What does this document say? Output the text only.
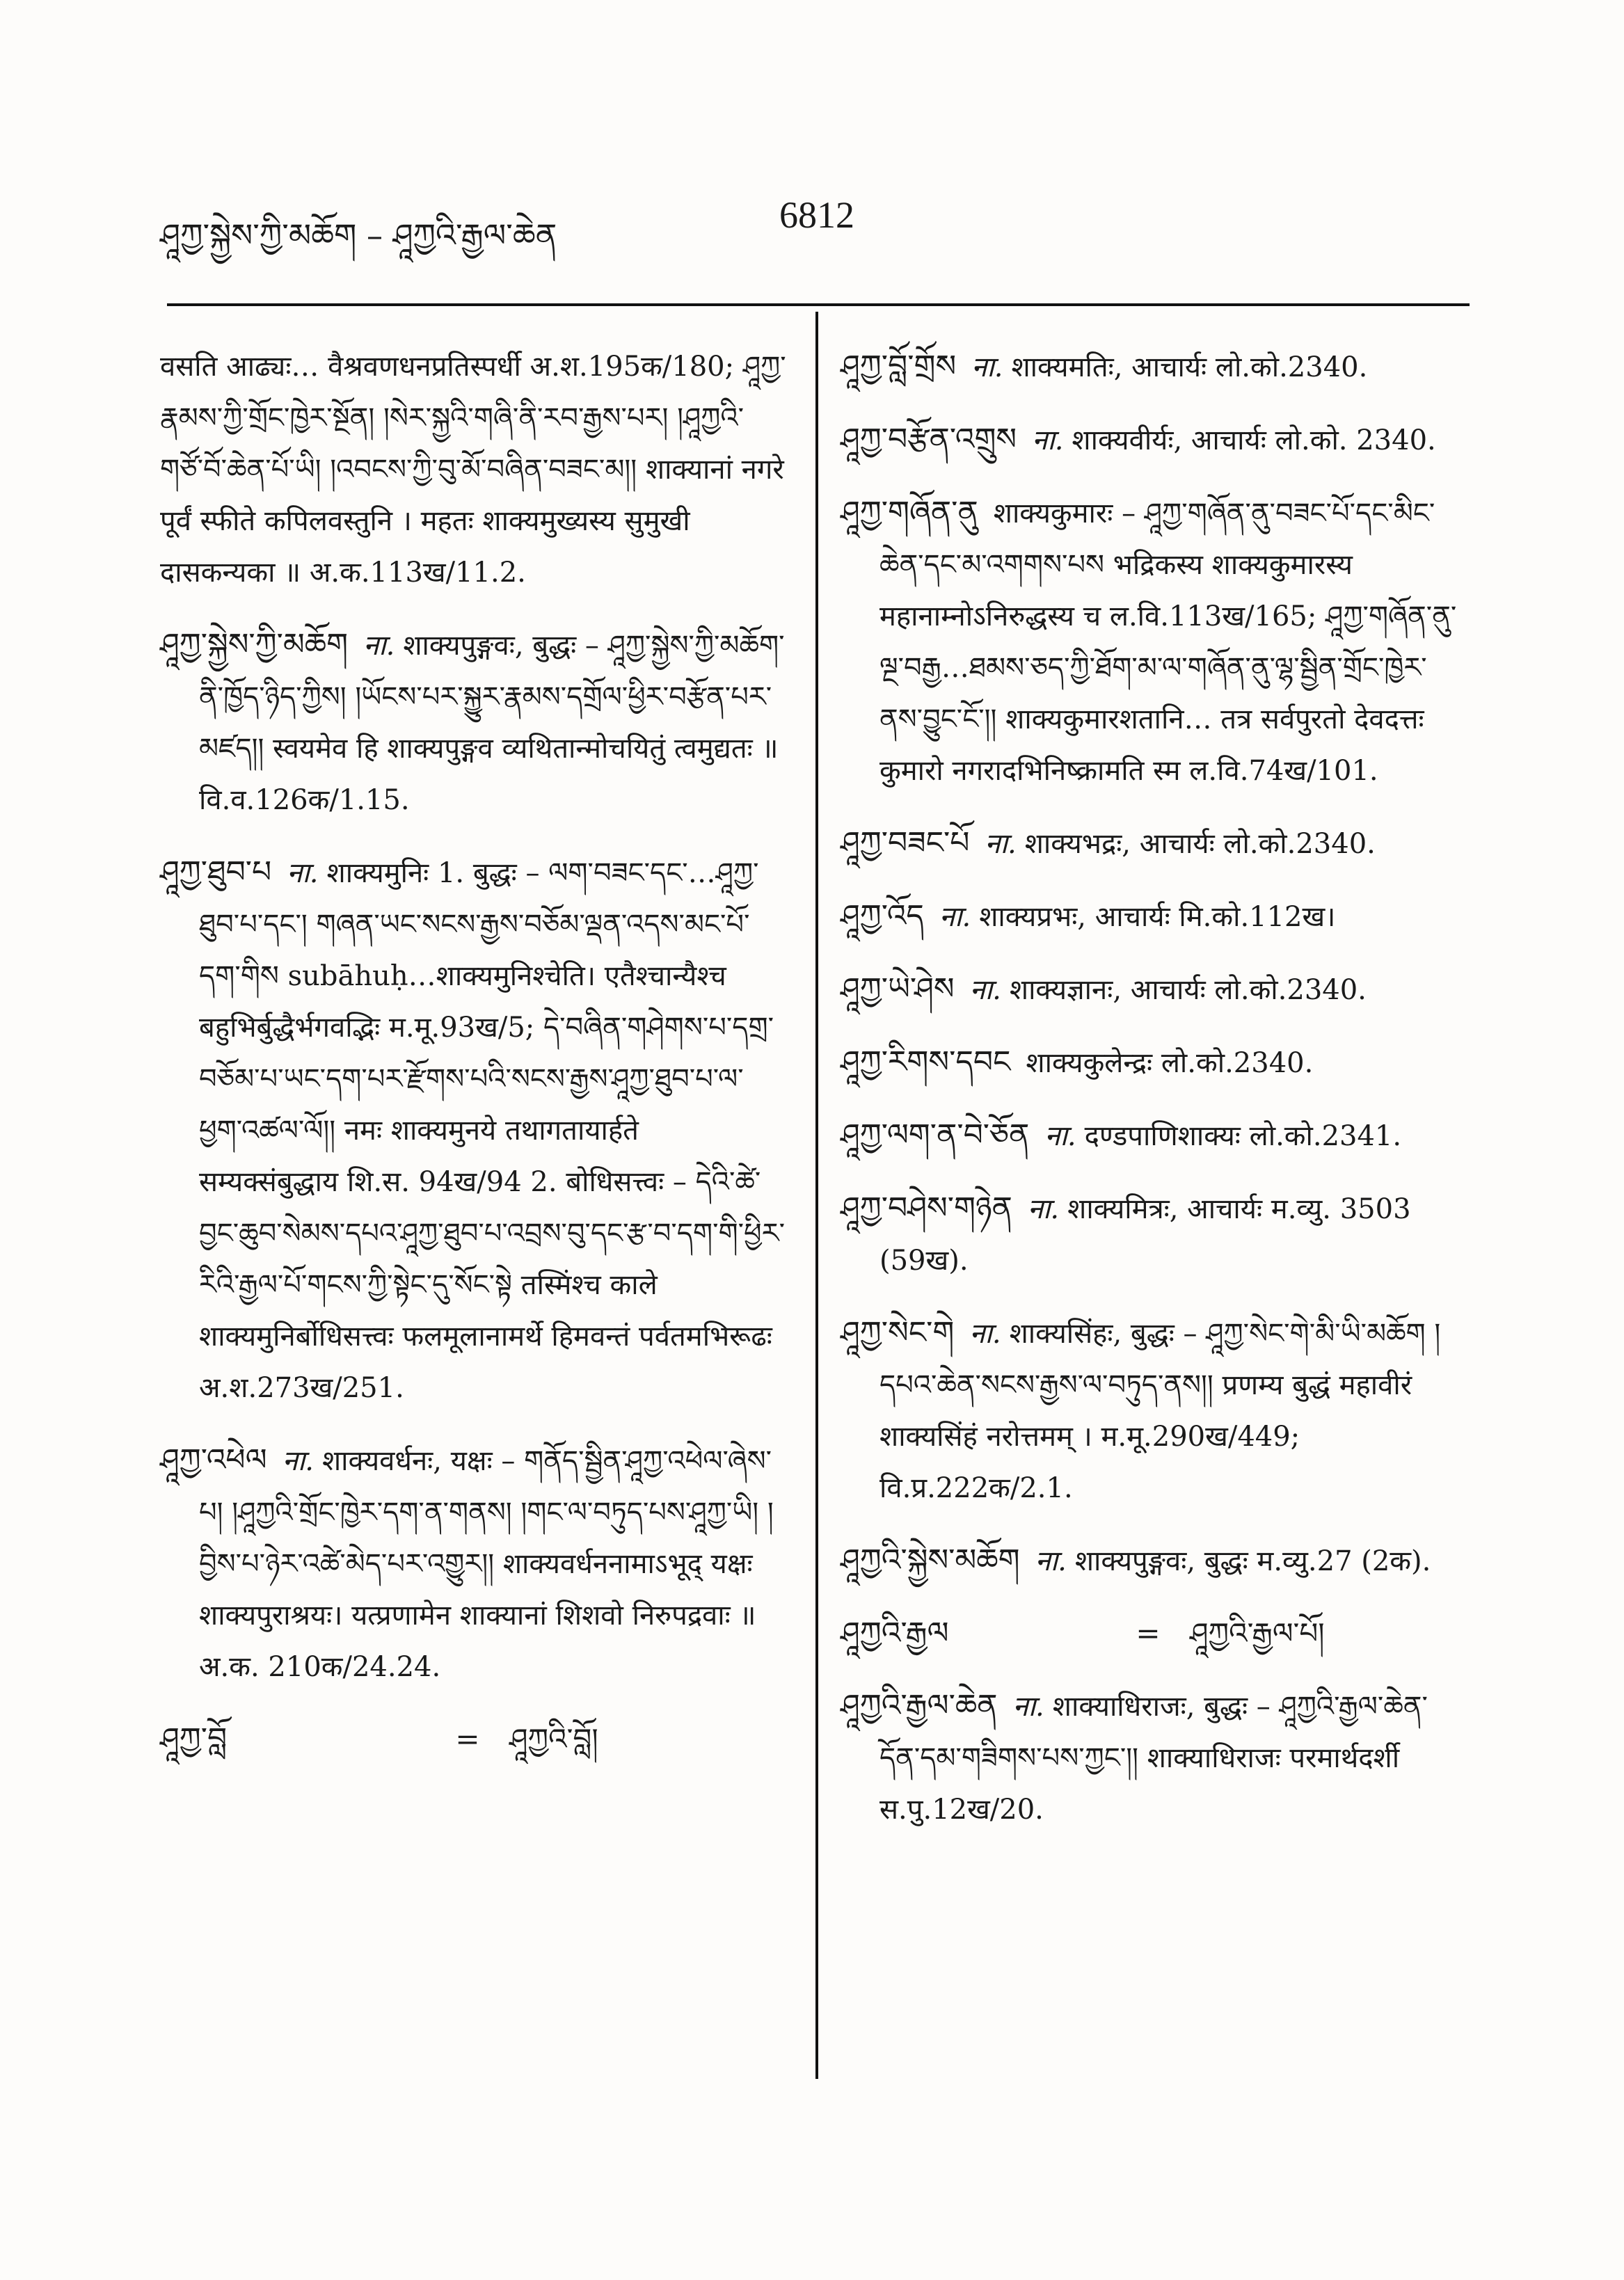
ཤཱཀྱ་སྐྱེས་ཀྱི་མཆོག – ཤཱཀྱའི་རྒྱལ་ཆེན	6812

वसति आढ्यः… वैश्रवणधनप्रतिस्पर्धी अ.श.195क/180; ཤཱཀྱ་རྣམས་ཀྱི་གྲོང་ཁྱེར་སྔོན། །སེར་སྐྱའི་གཞི་ནི་རབ་རྒྱས་པར། །ཤཱཀྱའི་གཙོ་བོ་ཆེན་པོ་ཡི། །འབངས་ཀྱི་བུ་མོ་བཞིན་བཟང་མ།། शाक्यानां नगरे पूर्वं स्फीते कपिलवस्तुनि । महतः शाक्यमुख्यस्य सुमुखी दासकन्यका ॥ अ.क.113ख/11.2.

ཤཱཀྱ་སྐྱེས་ཀྱི་མཆོག ना. शाक्यपुङ्गवः, बुद्धः – ཤཱཀྱ་སྐྱེས་ཀྱི་མཆོག་ནི་ཁྱོད་ཉིད་ཀྱིས། །ཡོངས་པར་སྐྱུར་རྣམས་དགྲོལ་ཕྱིར་བརྩོན་པར་མཛད།། स्वयमेव हि शाक्यपुङ्गव व्यथितान्मोचयितुं त्वमुद्यतः ॥ वि.व.126क/1.15.

ཤཱཀྱ་ཐུབ་པ ना. शाक्यमुनिः 1. बुद्धः – ལག་བཟང་དང་…ཤཱཀྱ་ཐུབ་པ་དང་། གཞན་ཡང་སངས་རྒྱས་བཅོམ་ལྡན་འདས་མང་པོ་དག་གིས subāhuḥ…शाक्यमुनिश्चेति। एतैश्चान्यैश्च बहुभिर्बुद्धैर्भगवद्भिः म.मू.93ख/5; དེ་བཞིན་གཤེགས་པ་དགྲ་བཅོམ་པ་ཡང་དག་པར་རྫོགས་པའི་སངས་རྒྱས་ཤཱཀྱ་ཐུབ་པ་ལ་ཕྱག་འཚལ་ལོ།། नमः शाक्यमुनये तथागतायार्हते सम्यक्संबुद्धाय शि.स. 94ख/94 2. बोधिसत्त्वः – དེའི་ཚེ་བྱང་ཆུབ་སེམས་དཔའ་ཤཱཀྱ་ཐུབ་པ་འབྲས་བུ་དང་རྩ་བ་དག་གི་ཕྱིར་རིའི་རྒྱལ་པོ་གངས་ཀྱི་སྟེང་དུ་སོང་སྟེ तस्मिंश्च काले शाक्यमुनिर्बोधिसत्त्वः फलमूलानामर्थे हिमवन्तं पर्वतमभिरूढः अ.श.273ख/251.

ཤཱཀྱ་འཕེལ ना. शाक्यवर्धनः, यक्षः – གནོད་སྦྱིན་ཤཱཀྱ་འཕེལ་ཞེས་པ། །ཤཱཀྱའི་གྲོང་ཁྱེར་དག་ན་གནས། །གང་ལ་བཏུད་པས་ཤཱཀྱ་ཡི། །བྱིས་པ་ཉེར་འཚེ་མེད་པར་འགྱུར།། शाक्यवर्धननामाऽभूद् यक्षः शाक्यपुराश्रयः। यत्प्रणामेन शाक्यानां शिशवो निरुपद्रवाः ॥ अ.क. 210क/24.24.

ཤཱཀྱ་བློ	=	ཤཱཀྱའི་བློ།

ཤཱཀྱ་བློ་གྲོས ना. शाक्यमतिः, आचार्यः लो.को.2340.

ཤཱཀྱ་བརྩོན་འགྲུས ना. शाक्यवीर्यः, आचार्यः लो.को. 2340.

ཤཱཀྱ་གཞོན་ནུ शाक्यकुमारः – ཤཱཀྱ་གཞོན་ནུ་བཟང་པོ་དང་མིང་ཆེན་དང་མ་འགགས་པས भद्रिकस्य शाक्यकुमारस्य महानाम्नोऽनिरुद्धस्य च ल.वि.113ख/165; ཤཱཀྱ་གཞོན་ནུ་ལྔ་བརྒྱ…ཐམས་ཅད་ཀྱི་ཐོག་མ་ལ་གཞོན་ནུ་ལྷ་སྦྱིན་གྲོང་ཁྱེར་ནས་བྱུང་ངོ་།། शाक्यकुमारशतानि… तत्र सर्वपुरतो देवदत्तः कुमारो नगरादभिनिष्क्रामति स्म ल.वि.74ख/101.

ཤཱཀྱ་བཟང་པོ ना. शाक्यभद्रः, आचार्यः लो.को.2340.

ཤཱཀྱ་འོད ना. शाक्यप्रभः, आचार्यः मि.को.112ख।

ཤཱཀྱ་ཡེ་ཤེས ना. शाक्यज्ञानः, आचार्यः लो.को.2340.

ཤཱཀྱ་རིགས་དབང शाक्यकुलेन्द्रः लो.को.2340.

ཤཱཀྱ་ལག་ན་བེ་ཅོན ना. दण्डपाणिशाक्यः लो.को.2341.

ཤཱཀྱ་བཤེས་གཉེན ना. शाक्यमित्रः, आचार्यः म.व्यु. 3503 (59ख).

ཤཱཀྱ་སེང་གེ ना. शाक्यसिंहः, बुद्धः – ཤཱཀྱ་སེང་གེ་མི་ཡི་མཆོག །དཔའ་ཆེན་སངས་རྒྱས་ལ་བཏུད་ནས།། प्रणम्य बुद्धं महावीरं शाक्यसिंहं नरोत्तमम् । म.मू.290ख/449; वि.प्र.222क/2.1.

ཤཱཀྱའི་སྐྱེས་མཆོག ना. शाक्यपुङ्गवः, बुद्धः म.व्यु.27 (2क).

ཤཱཀྱའི་རྒྱལ	=	ཤཱཀྱའི་རྒྱལ་པོ།

ཤཱཀྱའི་རྒྱལ་ཆེན ना. शाक्याधिराजः, बुद्धः – ཤཱཀྱའི་རྒྱལ་ཆེན་དོན་དམ་གཟིགས་པས་ཀྱང་།། शाक्याधिराजः परमार्थदर्शी स.पु.12ख/20.
